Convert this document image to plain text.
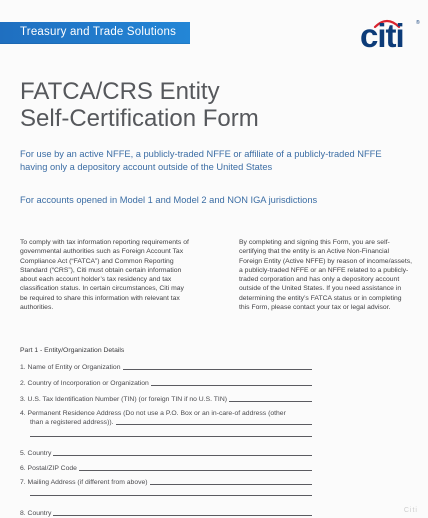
Treasury and Trade Solutions	citi ®
FATCA/CRS Entity
Self-Certification Form
For use by an active NFFE, a publicly-traded NFFE or affiliate of a publicly-traded NFFE having only a depository account outside of the United States
For accounts opened in Model 1 and Model 2 and NON IGA jurisdictions
To comply with tax information reporting requirements of governmental authorities such as Foreign Account Tax Compliance Act (“FATCA”) and Common Reporting Standard (“CRS”), Citi must obtain certain information about each account holder’s tax residency and tax classification status. In certain circumstances, Citi may be required to share this information with relevant tax authorities.
By completing and signing this Form, you are self-certifying that the entity is an Active Non-Financial Foreign Entity (Active NFFE) by reason of income/assets, a publicly-traded NFFE or an NFFE related to a publicly-traded corporation and has only a depository account outside of the United States. If you need assistance in determining the entity’s FATCA status or in completing this Form, please contact your tax or legal advisor.
Part 1 - Entity/Organization Details
1. Name of Entity or Organization
2. Country of Incorporation or Organization
3. U.S. Tax Identification Number (TIN) (or foreign TIN if no U.S. TIN)
4. Permanent Residence Address (Do not use a P.O. Box or an in-care-of address (other
than a registered address)).
5. Country
6. Postal/ZIP Code
7. Mailing Address (if different from above)
8. Country	Citi
